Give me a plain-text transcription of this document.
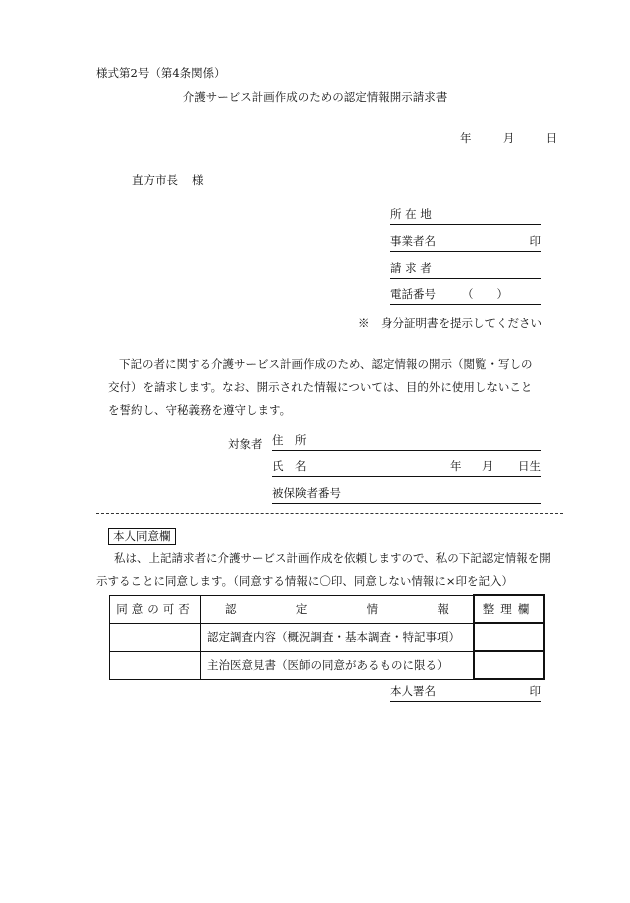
様式第2号（第4条関係）
介護サービス計画作成のための認定情報開示請求書
年	月	日
直方市長 様
所 在 地
事業者名	印
請 求 者
電話番号 （　　）
※　身分証明書を提示してください
下記の者に関する介護サービス計画作成のため、認定情報の開示（閲覧・写しの交付）を請求します。なお、開示された情報については、目的外に使用しないことを誓約し、守秘義務を遵守します。
対象者 住　所
氏　名	年 月 日生
被保険者番号
本人同意欄
私は、上記請求者に介護サービス計画作成を依頼しますので、私の下記認定情報を開示することに同意します。（同意する情報に〇印、同意しない情報に×印を記入）
同意の可否	認 定 情 報	整理欄
	認定調査内容（概況調査・基本調査・特記事項）	
	主治医意見書（医師の同意があるものに限る）	
本人署名	印
